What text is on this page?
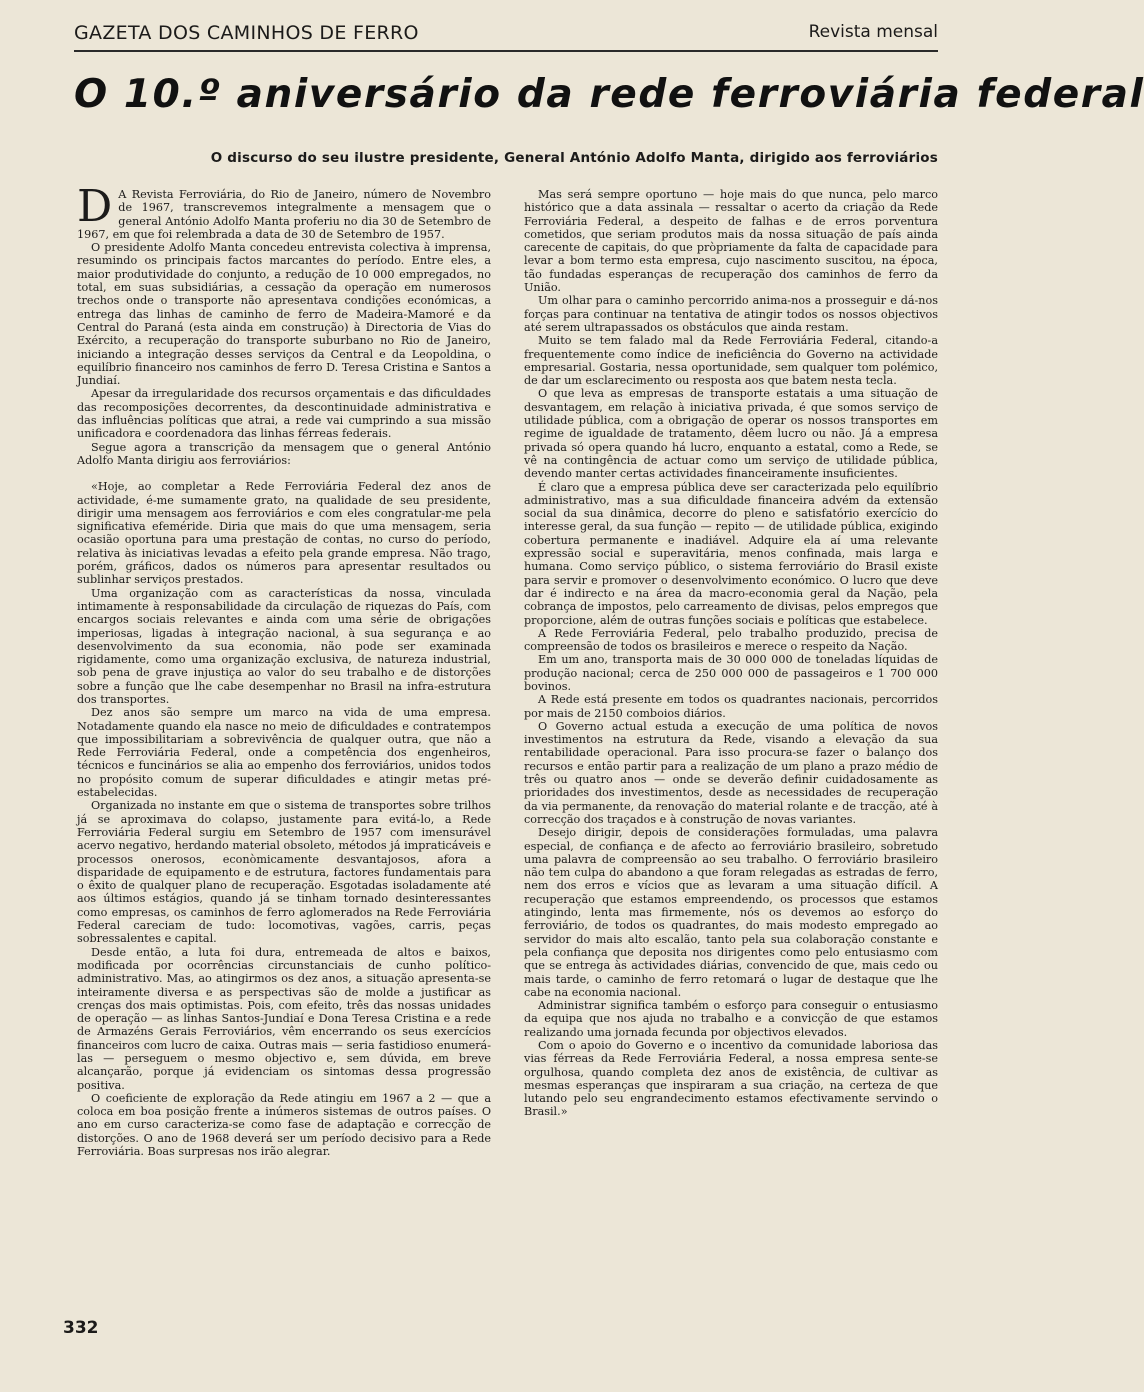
GAZETA DOS CAMINHOS DE FERRO	Revista mensal
O 10.º aniversário da rede ferroviária federal
O discurso do seu ilustre presidente, General António Adolfo Manta, dirigido aos ferroviários

D A Revista Ferroviária, do Rio de Janeiro, número de Novembro de 1967, transcrevemos integralmente a mensagem que o general António Adolfo Manta proferiu no dia 30 de Setembro de 1967, em que foi relembrada a data de 30 de Setembro de 1957.

O presidente Adolfo Manta concedeu entrevista colectiva à imprensa, resumindo os principais factos marcantes do período. Entre eles, a maior produtividade do conjunto, a redução de 10 000 empregados, no total, em suas subsidiárias, a cessação da operação em numerosos trechos onde o transporte não apresentava condições económicas, a entrega das linhas de caminho de ferro de Madeira-Mamoré e da Central do Paraná (esta ainda em construção) à Directoria de Vias do Exército, a recuperação do transporte suburbano no Rio de Janeiro, iniciando a integração desses serviços da Central e da Leopoldina, o equilíbrio financeiro nos caminhos de ferro D. Teresa Cristina e Santos a Jundiaí.

Apesar da irregularidade dos recursos orçamentais e das dificuldades das recomposições decorrentes, da descontinuidade administrativa e das influências políticas que atrai, a rede vai cumprindo a sua missão unificadora e coordenadora das linhas férreas federais.

Segue agora a transcrição da mensagem que o general António Adolfo Manta dirigiu aos ferroviários:

«Hoje, ao completar a Rede Ferroviária Federal dez anos de actividade, é-me sumamente grato, na qualidade de seu presidente, dirigir uma mensagem aos ferroviários e com eles congratular-me pela significativa efeméride. Diria que mais do que uma mensagem, seria ocasião oportuna para uma prestação de contas, no curso do período, relativa às iniciativas levadas a efeito pela grande empresa. Não trago, porém, gráficos, dados os números para apresentar resultados ou sublinhar serviços prestados.

Uma organização com as características da nossa, vinculada intimamente à responsabilidade da circulação de riquezas do País, com encargos sociais relevantes e ainda com uma série de obrigações imperiosas, ligadas à integração nacional, à sua segurança e ao desenvolvimento da sua economia, não pode ser examinada rigidamente, como uma organização exclusiva, de natureza industrial, sob pena de grave injustiça ao valor do seu trabalho e de distorções sobre a função que lhe cabe desempenhar no Brasil na infra-estrutura dos transportes.

Dez anos são sempre um marco na vida de uma empresa. Notadamente quando ela nasce no meio de dificuldades e contratempos que impossibilitariam a sobrevivência de qualquer outra, que não a Rede Ferroviária Federal, onde a competência dos engenheiros, técnicos e funcinários se alia ao empenho dos ferroviários, unidos todos no propósito comum de superar dificuldades e atingir metas pré-estabelecidas.

Organizada no instante em que o sistema de transportes sobre trilhos já se aproximava do colapso, justamente para evitá-lo, a Rede Ferroviária Federal surgiu em Setembro de 1957 com imensurável acervo negativo, herdando material obsoleto, métodos já impraticáveis e processos onerosos, econòmicamente desvantajosos, afora a disparidade de equipamento e de estrutura, factores fundamentais para o êxito de qualquer plano de recuperação. Esgotadas isoladamente até aos últimos estágios, quando já se tinham tornado desinteressantes como empresas, os caminhos de ferro aglomerados na Rede Ferroviária Federal careciam de tudo: locomotivas, vagões, carris, peças sobressalentes e capital.

Desde então, a luta foi dura, entremeada de altos e baixos, modificada por ocorrências circunstanciais de cunho político-administrativo. Mas, ao atingirmos os dez anos, a situação apresenta-se inteiramente diversa e as perspectivas são de molde a justificar as crenças dos mais optimistas. Pois, com efeito, três das nossas unidades de operação — as linhas Santos-Jundiaí e Dona Teresa Cristina e a rede de Armazéns Gerais Ferroviários, vêm encerrando os seus exercícios financeiros com lucro de caixa. Outras mais — seria fastidioso enumerá-las — perseguem o mesmo objectivo e, sem dúvida, em breve alcançarão, porque já evidenciam os sintomas dessa progressão positiva.

O coeficiente de exploração da Rede atingiu em 1967 a 2 — que a coloca em boa posição frente a inúmeros sistemas de outros países. O ano em curso caracteriza-se como fase de adaptação e correcção de distorções. O ano de 1968 deverá ser um período decisivo para a Rede Ferroviária. Boas surpresas nos irão alegrar.

Mas será sempre oportuno — hoje mais do que nunca, pelo marco histórico que a data assinala — ressaltar o acerto da criação da Rede Ferroviária Federal, a despeito de falhas e de erros porventura cometidos, que seriam produtos mais da nossa situação de país ainda carecente de capitais, do que pròpriamente da falta de capacidade para levar a bom termo esta empresa, cujo nascimento suscitou, na época, tão fundadas esperanças de recuperação dos caminhos de ferro da União.

Um olhar para o caminho percorrido anima-nos a prosseguir e dá-nos forças para continuar na tentativa de atingir todos os nossos objectivos até serem ultrapassados os obstáculos que ainda restam.

Muito se tem falado mal da Rede Ferroviária Federal, citando-a frequentemente como índice de ineficiência do Governo na actividade empresarial. Gostaria, nessa oportunidade, sem qualquer tom polémico, de dar um esclarecimento ou resposta aos que batem nesta tecla.

O que leva as empresas de transporte estatais a uma situação de desvantagem, em relação à iniciativa privada, é que somos serviço de utilidade pública, com a obrigação de operar os nossos transportes em regime de igualdade de tratamento, dêem lucro ou não. Já a empresa privada só opera quando há lucro, enquanto a estatal, como a Rede, se vê na contingência de actuar como um serviço de utilidade pública, devendo manter certas actividades financeiramente insuficientes.

É claro que a empresa pública deve ser caracterizada pelo equilíbrio administrativo, mas a sua dificuldade financeira advém da extensão social da sua dinâmica, decorre do pleno e satisfatório exercício do interesse geral, da sua função — repito — de utilidade pública, exigindo cobertura permanente e inadiável. Adquire ela aí uma relevante expressão social e superavitária, menos confinada, mais larga e humana. Como serviço público, o sistema ferroviário do Brasil existe para servir e promover o desenvolvimento económico. O lucro que deve dar é indirecto e na área da macro-economia geral da Nação, pela cobrança de impostos, pelo carreamento de divisas, pelos empregos que proporcione, além de outras funções sociais e políticas que estabelece.

A Rede Ferroviária Federal, pelo trabalho produzido, precisa de compreensão de todos os brasileiros e merece o respeito da Nação.

Em um ano, transporta mais de 30 000 000 de toneladas líquidas de produção nacional; cerca de 250 000 000 de passageiros e 1 700 000 bovinos.

A Rede está presente em todos os quadrantes nacionais, percorridos por mais de 2150 comboios diários.

O Governo actual estuda a execução de uma política de novos investimentos na estrutura da Rede, visando a elevação da sua rentabilidade operacional. Para isso procura-se fazer o balanço dos recursos e então partir para a realização de um plano a prazo médio de três ou quatro anos — onde se deverão definir cuidadosamente as prioridades dos investimentos, desde as necessidades de recuperação da via permanente, da renovação do material rolante e de tracção, até à correcção dos traçados e à construção de novas variantes.

Desejo dirigir, depois de considerações formuladas, uma palavra especial, de confiança e de afecto ao ferroviário brasileiro, sobretudo uma palavra de compreensão ao seu trabalho. O ferroviário brasileiro não tem culpa do abandono a que foram relegadas as estradas de ferro, nem dos erros e vícios que as levaram a uma situação difícil. A recuperação que estamos empreendendo, os processos que estamos atingindo, lenta mas firmemente, nós os devemos ao esforço do ferroviário, de todos os quadrantes, do mais modesto empregado ao servidor do mais alto escalão, tanto pela sua colaboração constante e pela confiança que deposita nos dirigentes como pelo entusiasmo com que se entrega às actividades diárias, convencido de que, mais cedo ou mais tarde, o caminho de ferro retomará o lugar de destaque que lhe cabe na economia nacional.

Administrar significa também o esforço para conseguir o entusiasmo da equipa que nos ajuda no trabalho e a convicção de que estamos realizando uma jornada fecunda por objectivos elevados.

Com o apoio do Governo e o incentivo da comunidade laboriosa das vias férreas da Rede Ferroviária Federal, a nossa empresa sente-se orgulhosa, quando completa dez anos de existência, de cultivar as mesmas esperanças que inspiraram a sua criação, na certeza de que lutando pelo seu engrandecimento estamos efectivamente servindo o Brasil.»

332
